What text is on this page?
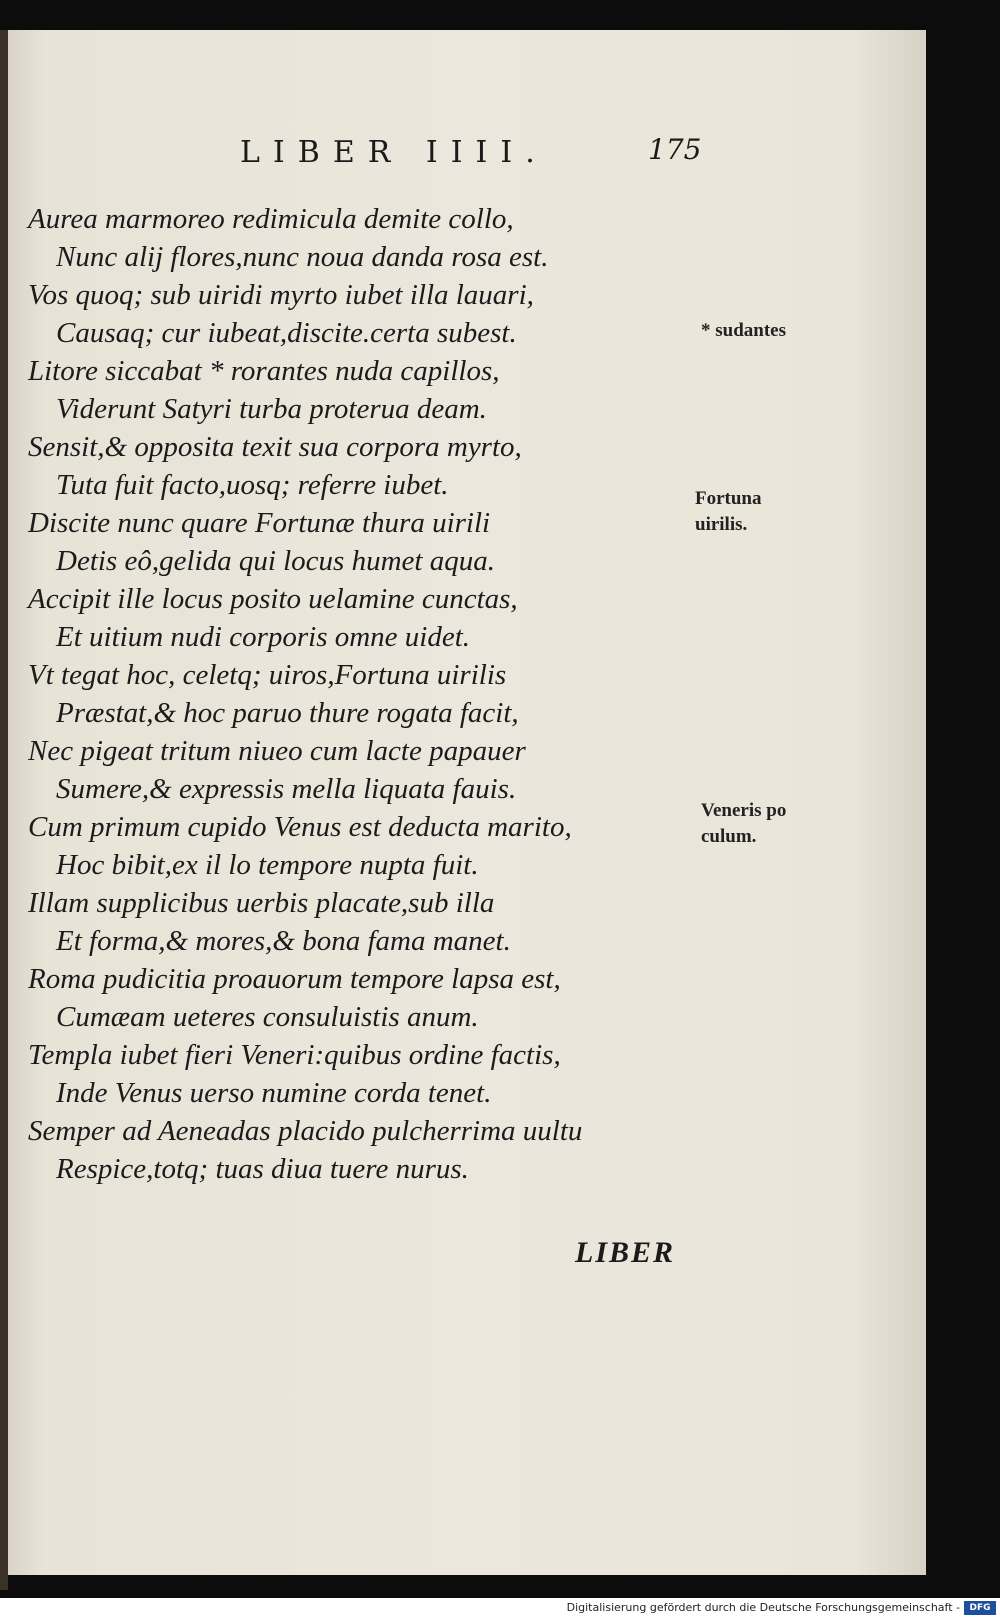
LIBER IIII.	175
Aurea marmoreo redimicula demite collo,
Nunc alij flores,nunc noua danda rosa est.
Vos quoq; sub uiridi myrto iubet illa lauari,
Causaq; cur iubeat,discite.certa subest.
Litore siccabat * rorantes nuda capillos,
Viderunt Satyri turba proterua deam.
Sensit,& opposita texit sua corpora myrto,
Tuta fuit facto,uosq; referre iubet.
Discite nunc quare Fortunæ thura uirili
Detis eô,gelida qui locus humet aqua.
Accipit ille locus posito uelamine cunctas,
Et uitium nudi corporis omne uidet.
Vt tegat hoc, celetq; uiros,Fortuna uirilis
Præstat,& hoc paruo thure rogata facit,
Nec pigeat tritum niueo cum lacte papauer
Sumere,& expressis mella liquata fauis.
Cum primum cupido Venus est deducta marito,
Hoc bibit,ex il lo tempore nupta fuit.
Illam supplicibus uerbis placate,sub illa
Et forma,& mores,& bona fama manet.
Roma pudicitia proauorum tempore lapsa est,
Cumæam ueteres consuluistis anum.
Templa iubet fieri Veneri:quibus ordine factis,
Inde Venus uerso numine corda tenet.
Semper ad Aeneadas placido pulcherrima uultu
Respice,totq; tuas diua tuere nurus.
* sudantes
Fortuna
uirilis.
Veneris po
culum.
LIBER
Digitalisierung gefördert durch die Deutsche Forschungsgemeinschaft -	DFG
